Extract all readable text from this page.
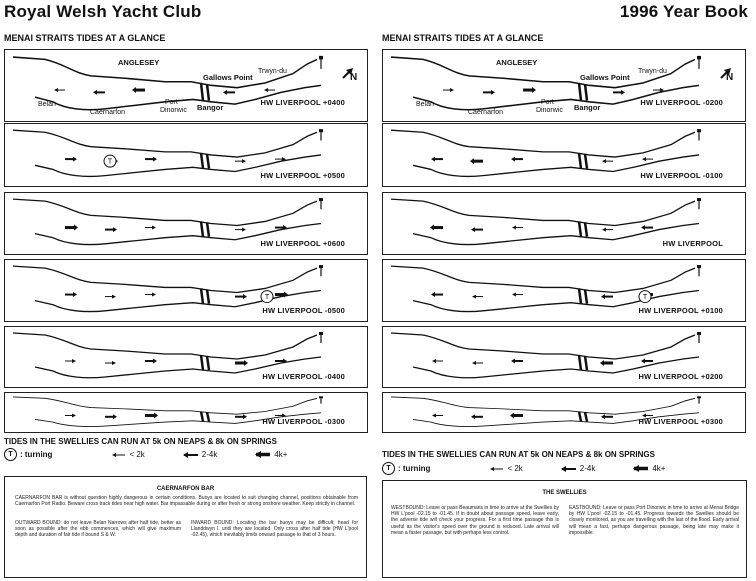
Royal Welsh Yacht Club	1996 Year Book
MENAI STRAITS TIDES AT A GLANCE	MENAI STRAITS TIDES AT A GLANCE
HW LIVERPOOL +0400
T
HW LIVERPOOL +0500
HW LIVERPOOL +0600
T
HW LIVERPOOL -0500
HW LIVERPOOL -0400
HW LIVERPOOL -0300
HW LIVERPOOL -0200
HW LIVERPOOL -0100
HW LIVERPOOL
T
HW LIVERPOOL +0100
HW LIVERPOOL +0200
HW LIVERPOOL +0300
ANGLESEY
Gallows Point
Trwyn-du
Belan
Caernarfon
Port
Dinorwic Bangor
N
ANGLESEY
Gallows Point
Trwyn-du
Belan
Caernarfon
Port
Dinorwic Bangor
N
TIDES IN THE SWELLIES CAN RUN AT 5k ON NEAPS & 8k ON SPRINGS
TIDES IN THE SWELLIES CAN RUN AT 5k ON NEAPS & 8k ON SPRINGS
T : turning	< 2k	2-4k	4k+
T : turning	< 2k	2-4k	4k+
CAERNARFON BAR
CAERNARFON BAR is without question highly dangerous in certain conditions. Buoys are located to suit changing channel, positions obtainable from Caernarfon Port Radio. Beware cross track tides near high water. Bar impassable during or after fresh or strong onshore weather. Keep strictly in channel.
OUTWARD BOUND: do not leave Belan Narrows after half tide, better as soon as possible after the ebb commences, which will give maximum depth and duration of fair tide if bound S & W.
INWARD BOUND: Locating the bar buoys may be difficult; head for Llanddwyn I. until they are located. Only cross after half tide (HW L'pool -02.45), which inevitably limits onward passage to that of 3 hours.
THE SWELLIES
WESTBOUND: Leave or pass Beaumaris in time to arrive at the Swellies by HW L'pool -02.15 to -01.45. If in doubt about passage speed, leave early, the adverse tide will check your progress. For a first time passage this is useful as the visitor's speed over the ground is reduced. Late arrival will mean a faster passage, but with perhaps less control.
EASTBOUND: Leave or pass Port Dinorwic in time to arrive at Menai Bridge by HW L'pool -02.15 to -01.45. Progress towards the Swellies should be closely monitored, as you are travelling with the last of the flood. Early arrival will mean a fast, perhaps dangerous passage, being late may make it impossible.
